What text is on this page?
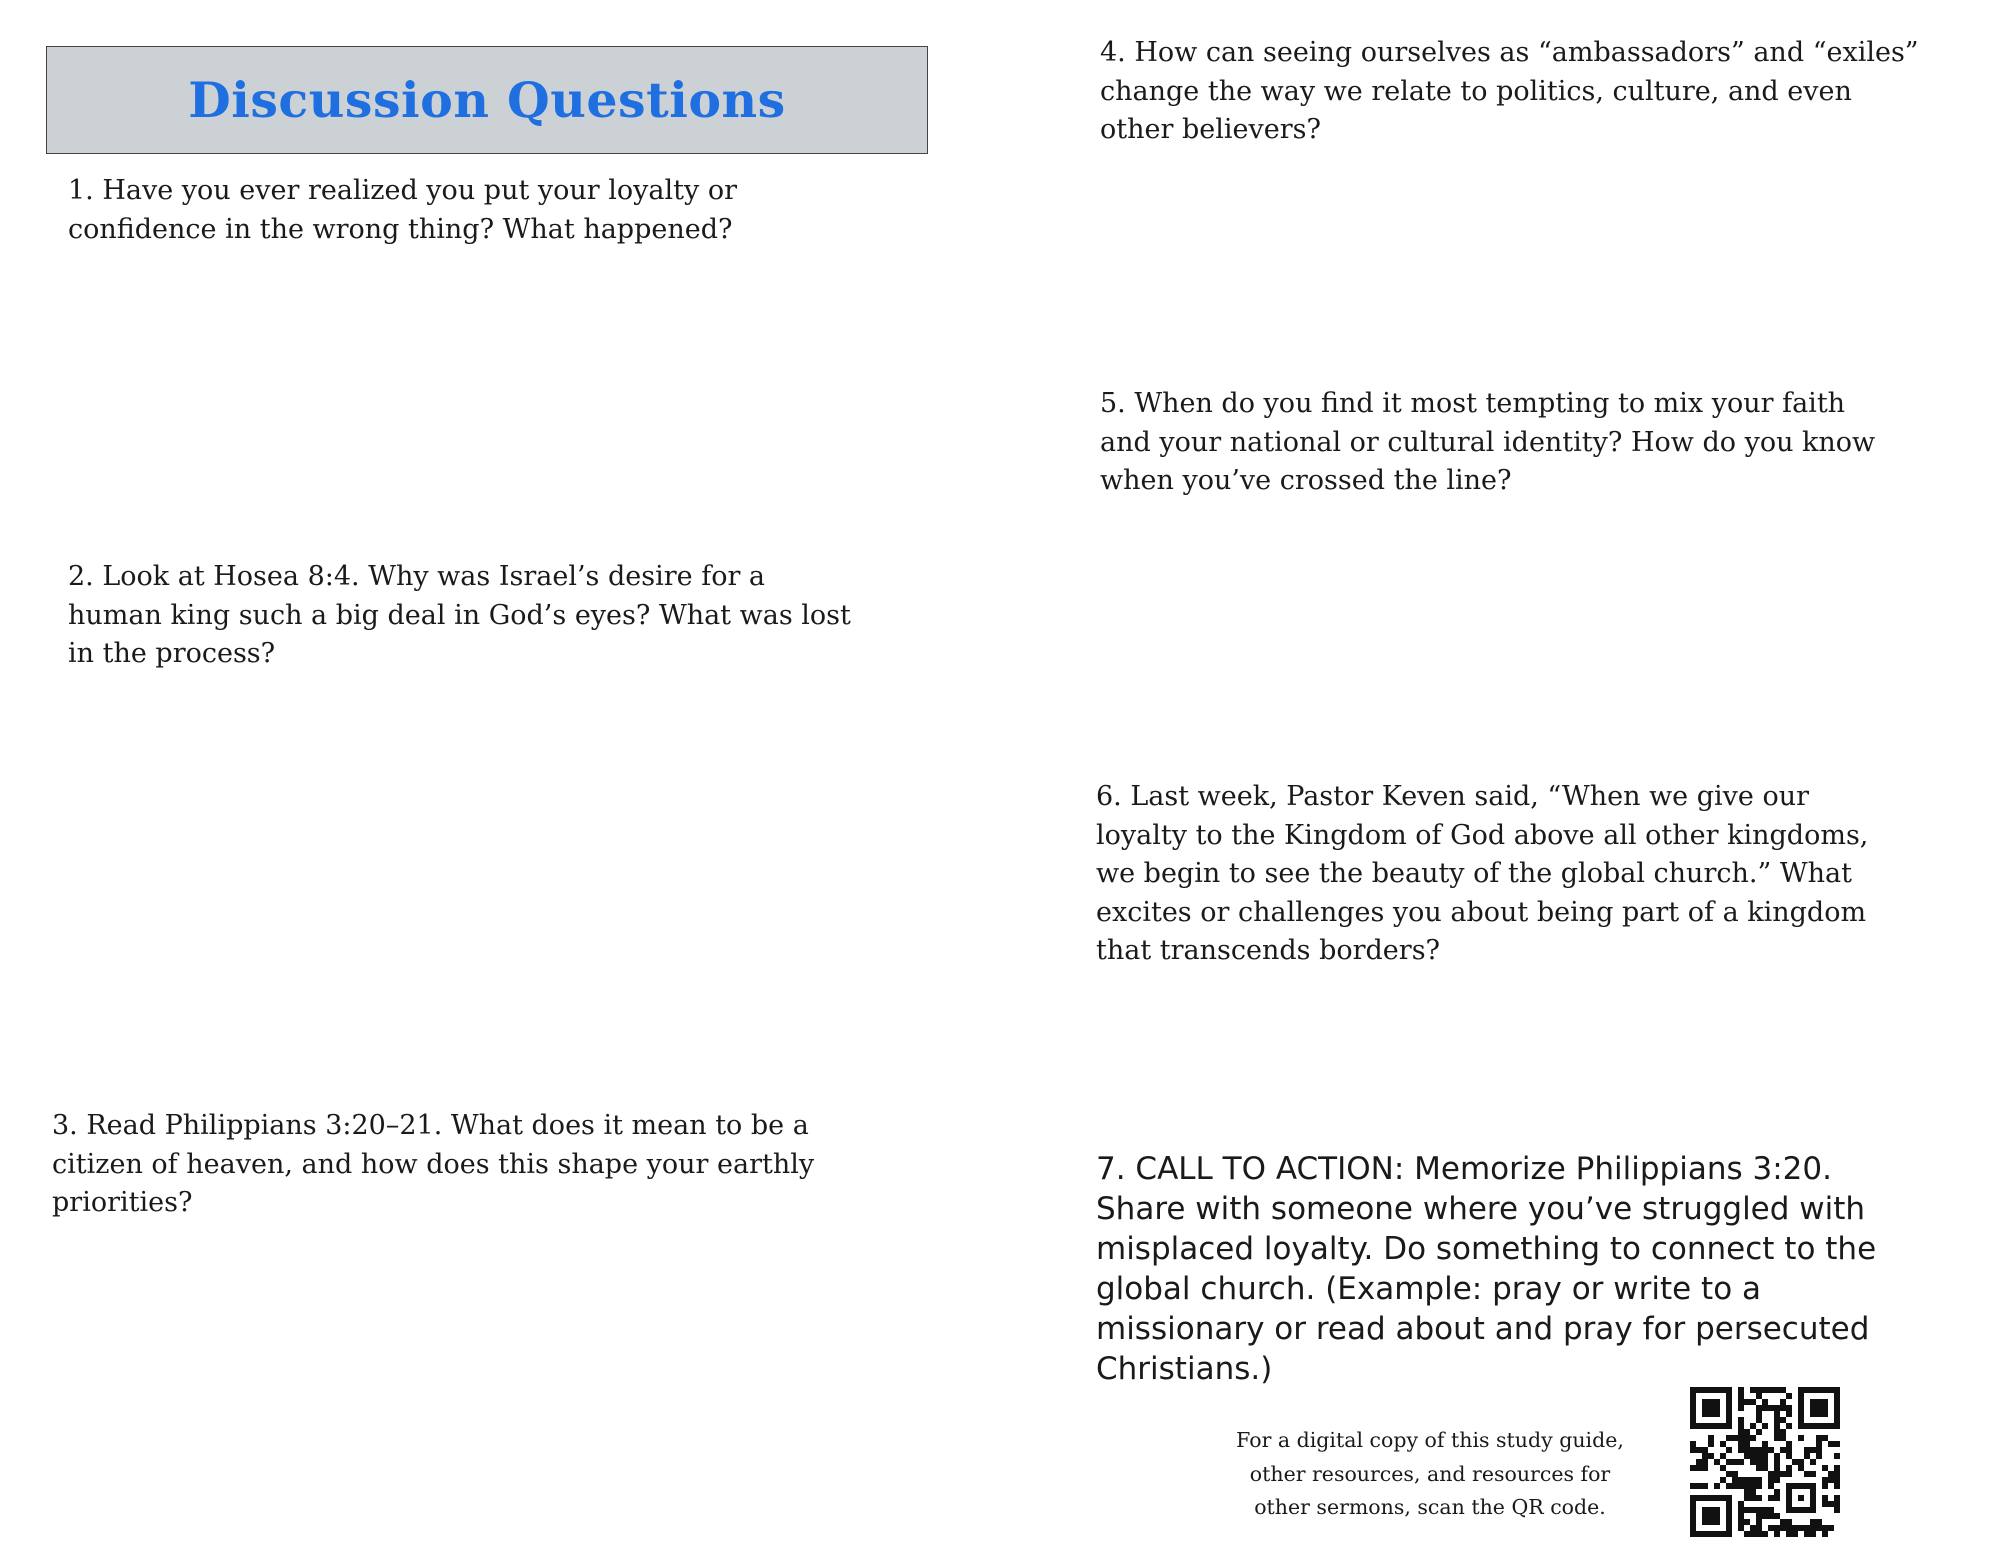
Discussion Questions

1. Have you ever realized you put your loyalty or
confidence in the wrong thing? What happened?

2. Look at Hosea 8:4. Why was Israel’s desire for a
human king such a big deal in God’s eyes? What was lost
in the process?

3. Read Philippians 3:20–21. What does it mean to be a
citizen of heaven, and how does this shape your earthly
priorities?

4. How can seeing ourselves as “ambassadors” and “exiles”
change the way we relate to politics, culture, and even
other believers?

5. When do you find it most tempting to mix your faith
and your national or cultural identity? How do you know
when you’ve crossed the line?

6. Last week, Pastor Keven said, “When we give our
loyalty to the Kingdom of God above all other kingdoms,
we begin to see the beauty of the global church.” What
excites or challenges you about being part of a kingdom
that transcends borders?

7. CALL TO ACTION: Memorize Philippians 3:20.
Share with someone where you’ve struggled with
misplaced loyalty. Do something to connect to the
global church. (Example: pray or write to a
missionary or read about and pray for persecuted
Christians.)

For a digital copy of this study guide,
other resources, and resources for
other sermons, scan the QR code.
